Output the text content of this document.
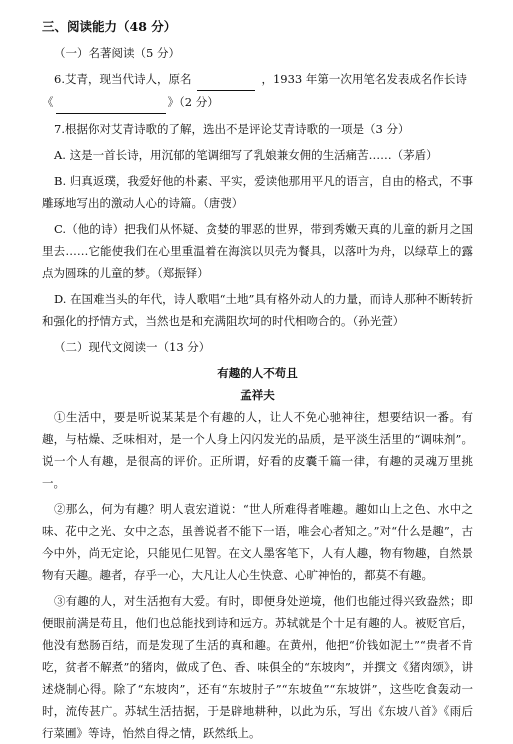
三、阅读能力（48 分）

（一）名著阅读（5 分）

6.艾青，现当代诗人，原名	，1933 年第一次用笔名发表成名作长诗

《	》（2 分）

7.根据你对艾青诗歌的了解，选出不是评论艾青诗歌的一项是（3 分）

A. 这是一首长诗，用沉郁的笔调细写了乳娘兼女佣的生活痛苦……（茅盾）

B. 归真返璞，我爱好他的朴素、平实，爱读他那用平凡的语言，自由的格式，不事雕琢地写出的激动人心的诗篇。（唐弢）

C.（他的诗）把我们从怀疑、贪婪的罪恶的世界，带到秀嫩天真的儿童的新月之国里去……它能使我们在心里重温着在海滨以贝壳为餐具，以落叶为舟，以绿草上的露点为圆珠的儿童的梦。（郑振铎）

D. 在国难当头的年代，诗人歌唱“土地”具有格外动人的力量，而诗人那种不断转折和强化的抒情方式，当然也是和充满阻坎坷的时代相吻合的。（孙光萱）

（二）现代文阅读一（13 分）

有趣的人不苟且

孟祥夫

①生活中，要是听说某某是个有趣的人，让人不免心驰神往，想要结识一番。有趣，与枯燥、乏味相对，是一个人身上闪闪发光的品质，是平淡生活里的“调味剂”。说一个人有趣，是很高的评价。正所谓，好看的皮囊千篇一律，有趣的灵魂万里挑一。

②那么，何为有趣？明人袁宏道说：“世人所难得者唯趣。趣如山上之色、水中之味、花中之光、女中之态，虽善说者不能下一语，唯会心者知之。”对“什么是趣”，古今中外，尚无定论，只能见仁见智。在文人墨客笔下，人有人趣，物有物趣，自然景物有天趣。趣者，存乎一心，大凡让人心生快意、心旷神怡的，都莫不有趣。

③有趣的人，对生活抱有大爱。有时，即便身处逆境，他们也能过得兴致盎然；即便眼前满是苟且，他们也总能找到诗和远方。苏轼就是个十足有趣的人。被贬官后，他没有愁肠百结，而是发现了生活的真和趣。在黄州，他把“价钱如泥土”“贵者不肯吃，贫者不解煮”的猪肉，做成了色、香、味俱全的“东坡肉”，并撰文《猪肉颂》，讲述烧制心得。除了“东坡肉”，还有“东坡肘子”“东坡鱼”“东坡饼”，这些吃食轰动一时，流传甚广。苏轼生活拮据，于是辟地耕种，以此为乐，写出《东坡八首》《雨后行菜圃》等诗，怡然自得之情，跃然纸上。
